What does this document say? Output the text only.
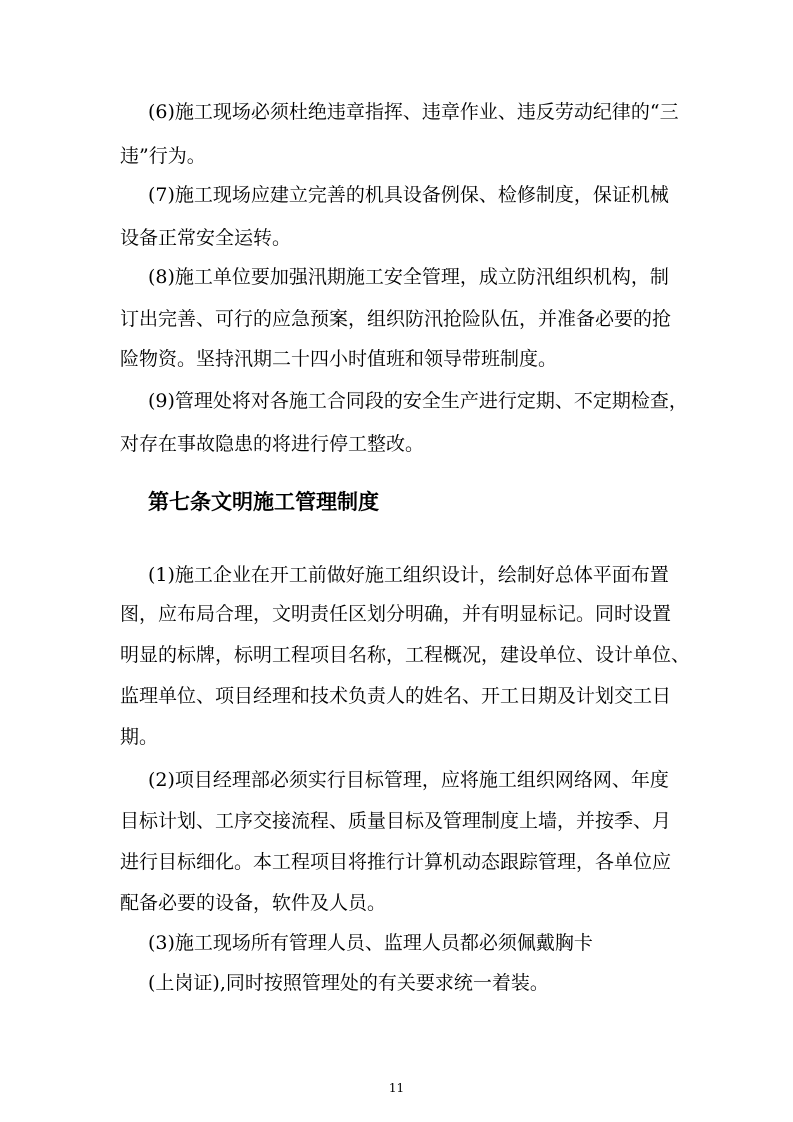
(6)施工现场必须杜绝违章指挥、违章作业、违反劳动纪律的“三
违”行为。
(7)施工现场应建立完善的机具设备例保、检修制度，保证机械
设备正常安全运转。
(8)施工单位要加强汛期施工安全管理，成立防汛组织机构，制
订出完善、可行的应急预案，组织防汛抢险队伍，并准备必要的抢
险物资。坚持汛期二十四小时值班和领导带班制度。
(9)管理处将对各施工合同段的安全生产进行定期、不定期检查，
对存在事故隐患的将进行停工整改。
第七条文明施工管理制度
(1)施工企业在开工前做好施工组织设计，绘制好总体平面布置
图，应布局合理，文明责任区划分明确，并有明显标记。同时设置
明显的标牌，标明工程项目名称，工程概况，建设单位、设计单位、
监理单位、项目经理和技术负责人的姓名、开工日期及计划交工日
期。
(2)项目经理部必须实行目标管理，应将施工组织网络网、年度
目标计划、工序交接流程、质量目标及管理制度上墙，并按季、月
进行目标细化。本工程项目将推行计算机动态跟踪管理，各单位应
配备必要的设备，软件及人员。
(3)施工现场所有管理人员、监理人员都必须佩戴胸卡
(上岗证),同时按照管理处的有关要求统一着装。
11
